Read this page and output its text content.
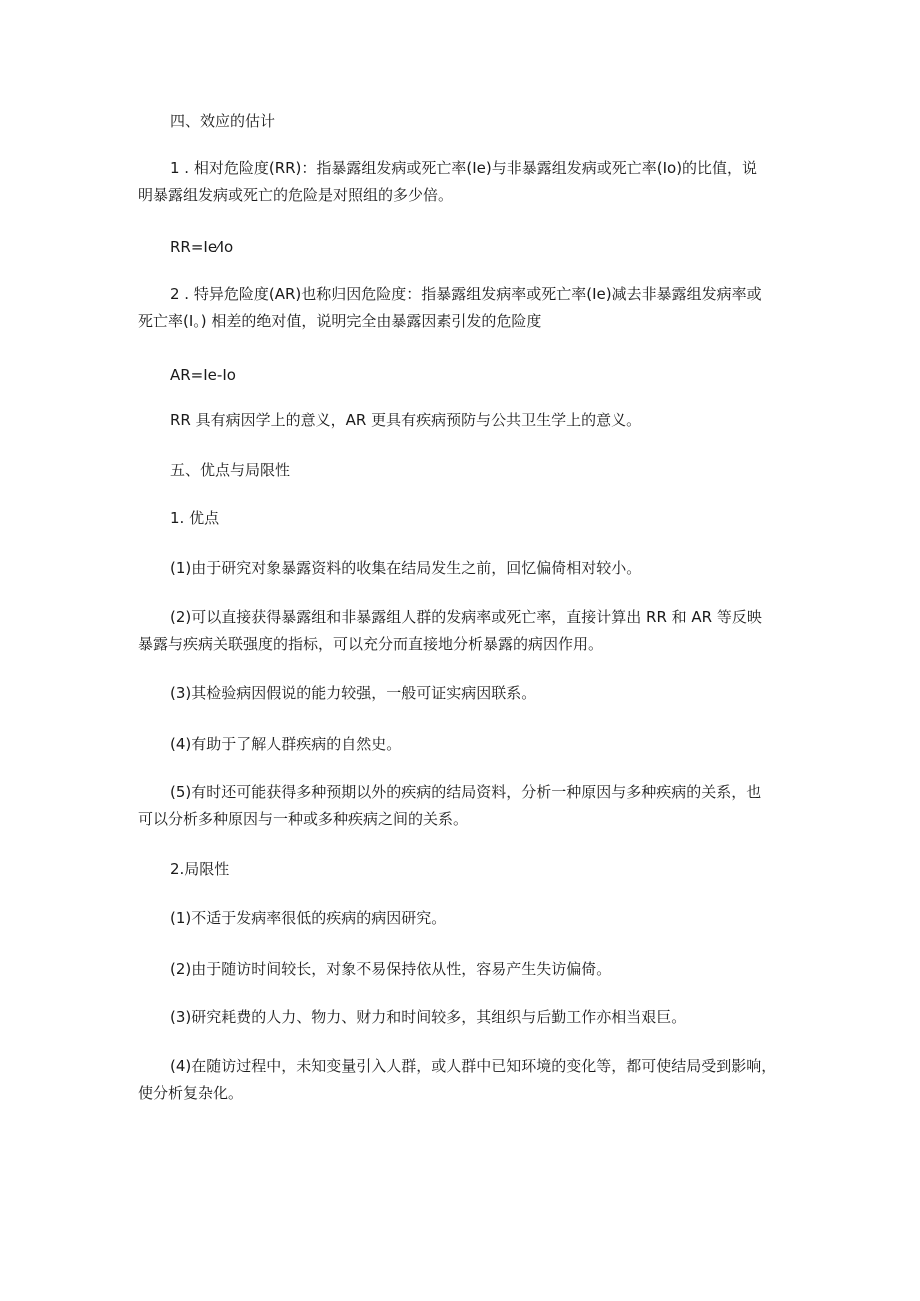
四、效应的估计

1 . 相对危险度(RR)：指暴露组发病或死亡率(Ie)与非暴露组发病或死亡率(Io)的比值，说
明暴露组发病或死亡的危险是对照组的多少倍。

RR=Ie⁄Io

2 . 特异危险度(AR)也称归因危险度：指暴露组发病率或死亡率(Ie)减去非暴露组发病率或
死亡率(I。) 相差的绝对值，说明完全由暴露因素引发的危险度

AR=Ie-Io

RR 具有病因学上的意义，AR 更具有疾病预防与公共卫生学上的意义。

五、优点与局限性

1. 优点

(1)由于研究对象暴露资料的收集在结局发生之前，回忆偏倚相对较小。

(2)可以直接获得暴露组和非暴露组人群的发病率或死亡率，直接计算出 RR 和 AR 等反映
暴露与疾病关联强度的指标，可以充分而直接地分析暴露的病因作用。

(3)其检验病因假说的能力较强，一般可证实病因联系。

(4)有助于了解人群疾病的自然史。

(5)有时还可能获得多种预期以外的疾病的结局资料，分析一种原因与多种疾病的关系，也
可以分析多种原因与一种或多种疾病之间的关系。

2.局限性

(1)不适于发病率很低的疾病的病因研究。

(2)由于随访时间较长，对象不易保持依从性，容易产生失访偏倚。

(3)研究耗费的人力、物力、财力和时间较多，其组织与后勤工作亦相当艰巨。

(4)在随访过程中，未知变量引入人群，或人群中已知环境的变化等，都可使结局受到影响，
使分析复杂化。
